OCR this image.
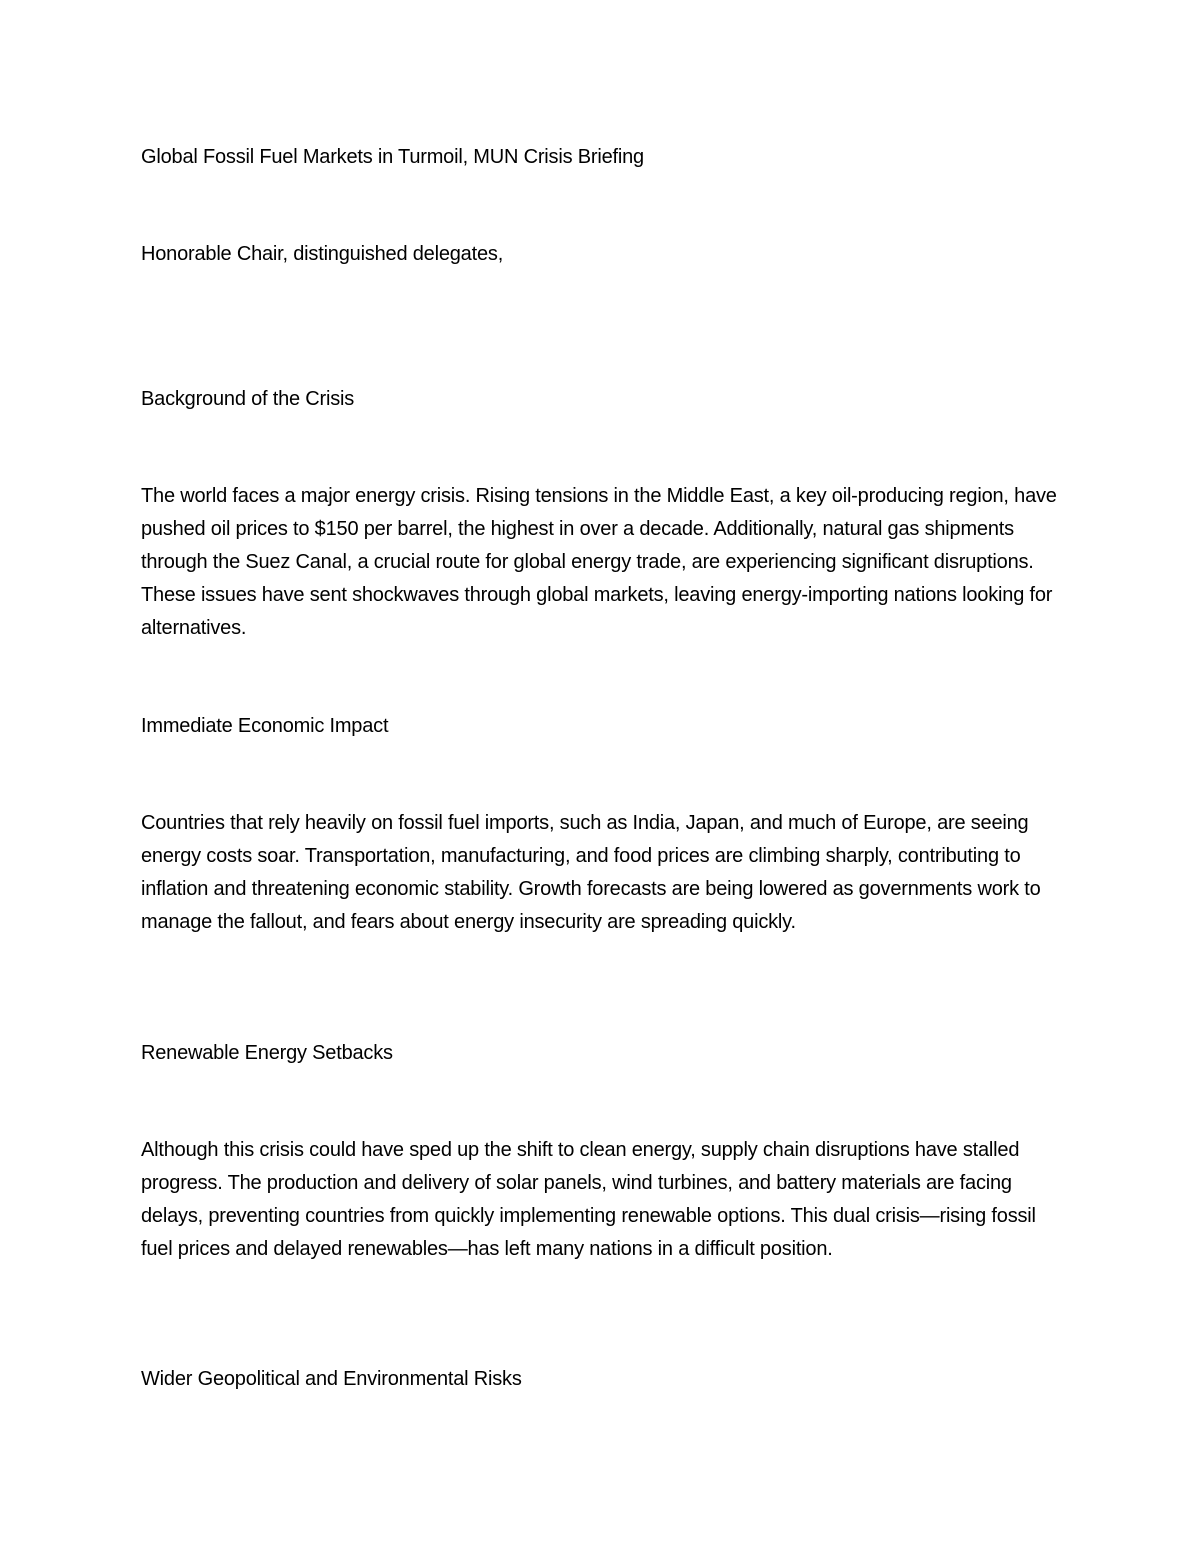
Global Fossil Fuel Markets in Turmoil, MUN Crisis Briefing

Honorable Chair, distinguished delegates,

Background of the Crisis

The world faces a major energy crisis. Rising tensions in the Middle East, a key oil-producing region, have pushed oil prices to $150 per barrel, the highest in over a decade. Additionally, natural gas shipments through the Suez Canal, a crucial route for global energy trade, are experiencing significant disruptions. These issues have sent shockwaves through global markets, leaving energy-importing nations looking for alternatives.

Immediate Economic Impact

Countries that rely heavily on fossil fuel imports, such as India, Japan, and much of Europe, are seeing energy costs soar. Transportation, manufacturing, and food prices are climbing sharply, contributing to inflation and threatening economic stability. Growth forecasts are being lowered as governments work to manage the fallout, and fears about energy insecurity are spreading quickly.

Renewable Energy Setbacks

Although this crisis could have sped up the shift to clean energy, supply chain disruptions have stalled progress. The production and delivery of solar panels, wind turbines, and battery materials are facing delays, preventing countries from quickly implementing renewable options. This dual crisis—rising fossil fuel prices and delayed renewables—has left many nations in a difficult position.

Wider Geopolitical and Environmental Risks
